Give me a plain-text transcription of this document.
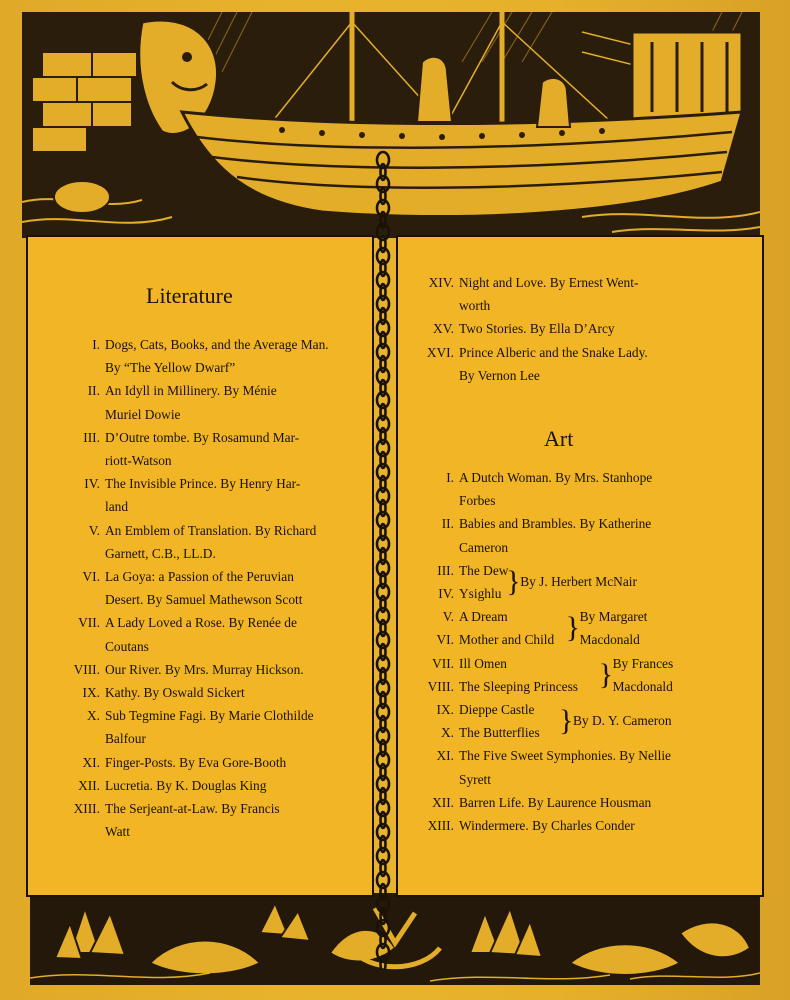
Literature
I. Dogs, Cats, Books, and the Average Man.
By “The Yellow Dwarf”
II. An Idyll in Millinery. By Ménie
Muriel Dowie
III. D’Outre tombe. By Rosamund Mar-
riott-Watson
IV. The Invisible Prince. By Henry Har-
land
V. An Emblem of Translation. By Richard
Garnett, C.B., LL.D.
VI. La Goya: a Passion of the Peruvian
Desert. By Samuel Mathewson Scott
VII. A Lady Loved a Rose. By Renée de
Coutans
VIII. Our River. By Mrs. Murray Hickson.
IX. Kathy. By Oswald Sickert
X. Sub Tegmine Fagi. By Marie Clothilde
Balfour
XI. Finger-Posts. By Eva Gore-Booth
XII. Lucretia. By K. Douglas King
XIII. The Serjeant-at-Law. By Francis
Watt
XIV. Night and Love. By Ernest Went-
worth
XV. Two Stories. By Ella D’Arcy
XVI. Prince Alberic and the Snake Lady.
By Vernon Lee
Art
I. A Dutch Woman. By Mrs. Stanhope
Forbes
II. Babies and Brambles. By Katherine
Cameron
III. The Dew
IV. Ysighlu } By J. Herbert McNair
V. A Dream
VI. Mother and Child } By Margaret
Macdonald
VII. Ill Omen
VIII. The Sleeping Princess } By Frances
Macdonald
IX. Dieppe Castle
X. The Butterflies } By D. Y. Cameron
XI. The Five Sweet Symphonies. By Nellie
Syrett
XII. Barren Life. By Laurence Housman
XIII. Windermere. By Charles Conder
